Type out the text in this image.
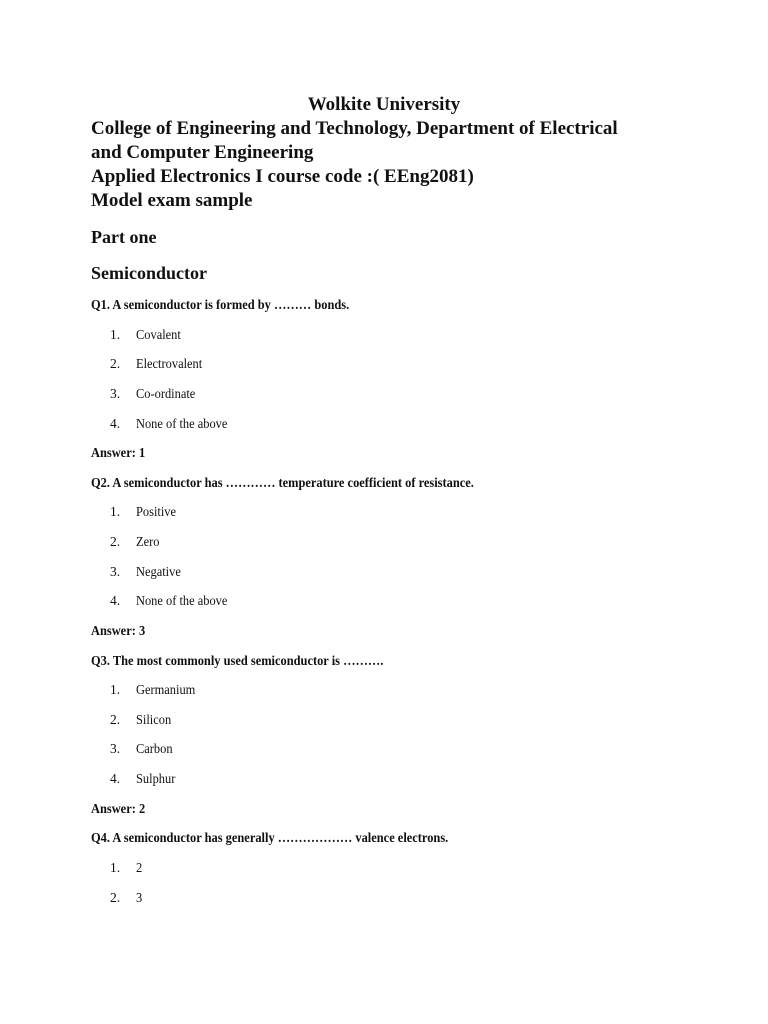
Wolkite University
College of Engineering and Technology, Department of Electrical
and Computer Engineering
Applied Electronics I course code :( EEng2081)
Model exam sample
Part one
Semiconductor
Q1. A semiconductor is formed by ……… bonds.
1. Covalent
2. Electrovalent
3. Co-ordinate
4. None of the above
Answer: 1
Q2. A semiconductor has ………… temperature coefficient of resistance.
1. Positive
2. Zero
3. Negative
4. None of the above
Answer: 3
Q3. The most commonly used semiconductor is ……….
1. Germanium
2. Silicon
3. Carbon
4. Sulphur
Answer: 2
Q4. A semiconductor has generally ……………… valence electrons.
1. 2
2. 3
